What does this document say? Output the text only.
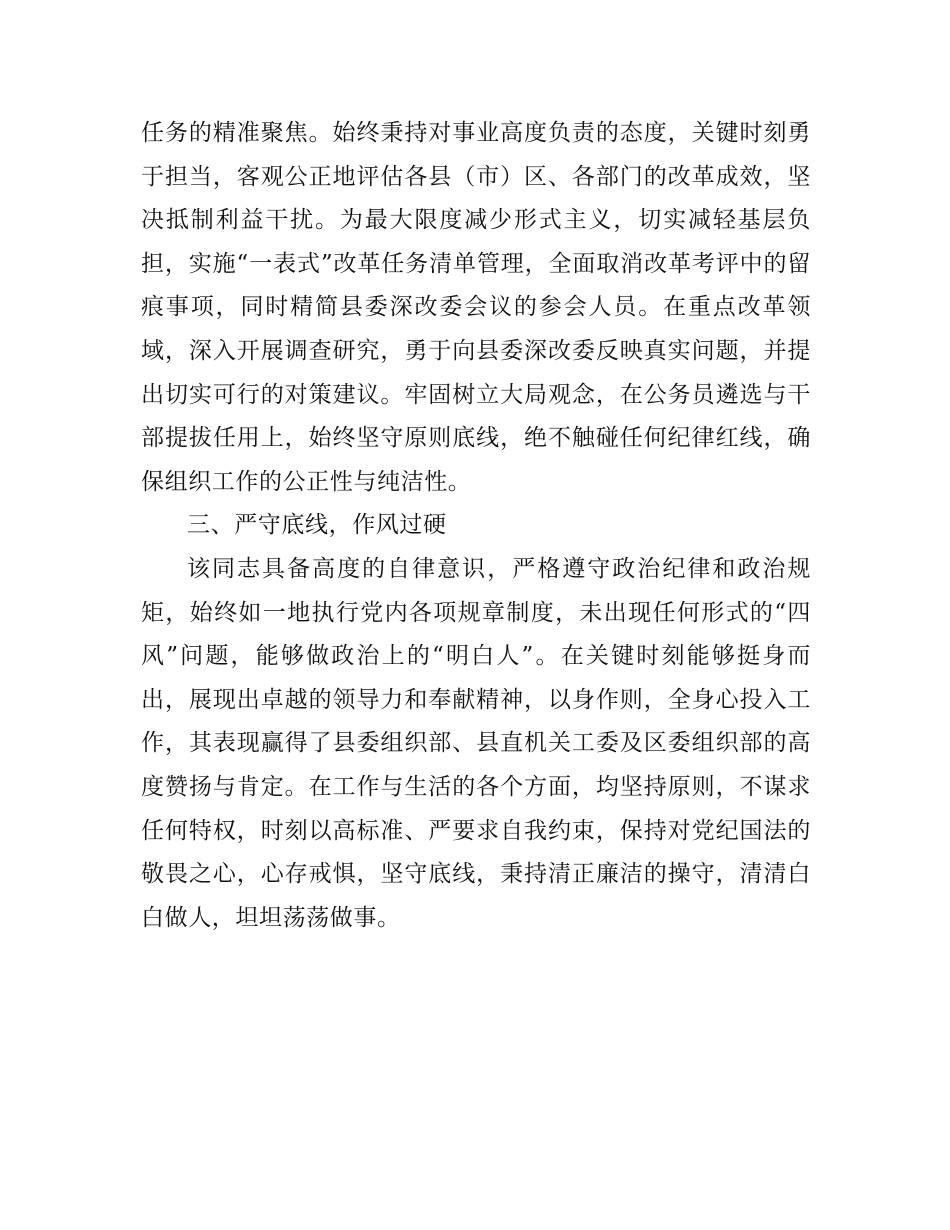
任务的精准聚焦。始终秉持对事业高度负责的态度，关键时刻勇于担当，客观公正地评估各县（市）区、各部门的改革成效，坚决抵制利益干扰。为最大限度减少形式主义，切实减轻基层负担，实施“一表式”改革任务清单管理，全面取消改革考评中的留痕事项，同时精简县委深改委会议的参会人员。在重点改革领域，深入开展调查研究，勇于向县委深改委反映真实问题，并提出切实可行的对策建议。牢固树立大局观念，在公务员遴选与干部提拔任用上，始终坚守原则底线，绝不触碰任何纪律红线，确保组织工作的公正性与纯洁性。

三、严守底线，作风过硬

该同志具备高度的自律意识，严格遵守政治纪律和政治规矩，始终如一地执行党内各项规章制度，未出现任何形式的“四风”问题，能够做政治上的“明白人”。在关键时刻能够挺身而出，展现出卓越的领导力和奉献精神，以身作则，全身心投入工作，其表现赢得了县委组织部、县直机关工委及区委组织部的高度赞扬与肯定。在工作与生活的各个方面，均坚持原则，不谋求任何特权，时刻以高标准、严要求自我约束，保持对党纪国法的敬畏之心，心存戒惧，坚守底线，秉持清正廉洁的操守，清清白白做人，坦坦荡荡做事。
